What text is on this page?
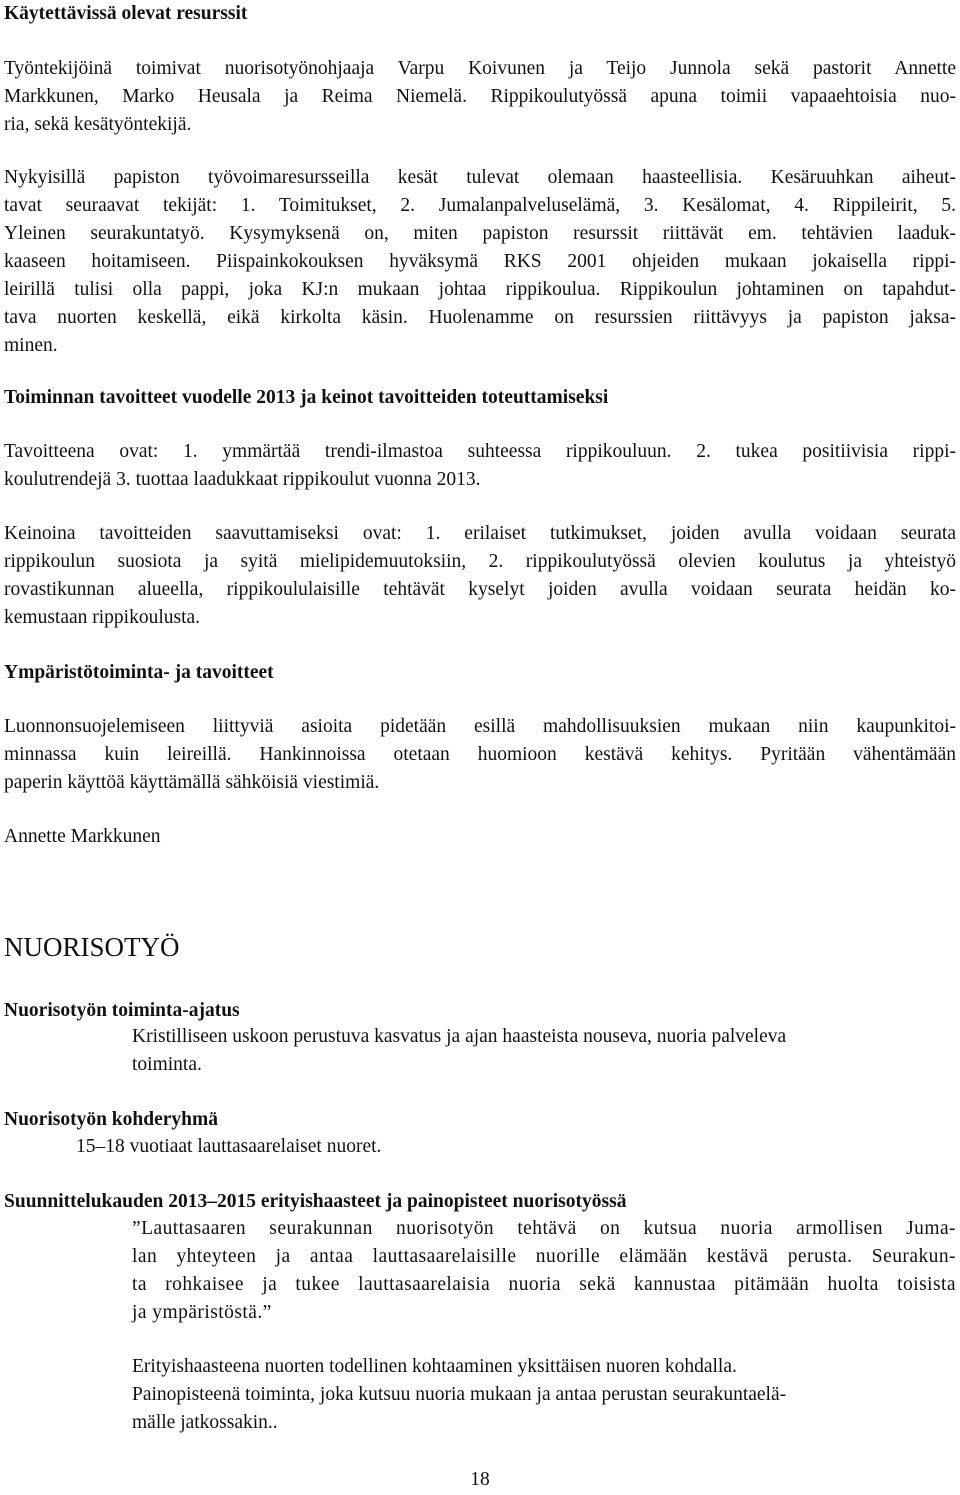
Käytettävissä olevat resurssit
Työntekijöinä toimivat nuorisotyönohjaaja Varpu Koivunen ja Teijo Junnola sekä pastorit Annette
Markkunen, Marko Heusala ja Reima Niemelä. Rippikoulutyössä apuna toimii vapaaehtoisia nuo-
ria, sekä kesätyöntekijä.
Nykyisillä papiston työvoimaresursseilla kesät tulevat olemaan haasteellisia. Kesäruuhkan aiheut-
tavat seuraavat tekijät: 1. Toimitukset, 2. Jumalanpalveluselämä, 3. Kesälomat, 4. Rippileirit, 5.
Yleinen seurakuntatyö. Kysymyksenä on, miten papiston resurssit riittävät em. tehtävien laaduk-
kaaseen hoitamiseen. Piispainkokouksen hyväksymä RKS 2001 ohjeiden mukaan jokaisella rippi-
leirillä tulisi olla pappi, joka KJ:n mukaan johtaa rippikoulua. Rippikoulun johtaminen on tapahdut-
tava nuorten keskellä, eikä kirkolta käsin. Huolenamme on resurssien riittävyys ja papiston jaksa-
minen.
Toiminnan tavoitteet vuodelle 2013 ja keinot tavoitteiden toteuttamiseksi
Tavoitteena ovat: 1. ymmärtää trendi-ilmastoa suhteessa rippikouluun. 2. tukea positiivisia rippi-
koulutrendejä 3. tuottaa laadukkaat rippikoulut vuonna 2013.
Keinoina tavoitteiden saavuttamiseksi ovat: 1. erilaiset tutkimukset, joiden avulla voidaan seurata
rippikoulun suosiota ja syitä mielipidemuutoksiin, 2. rippikoulutyössä olevien koulutus ja yhteistyö
rovastikunnan alueella, rippikoululaisille tehtävät kyselyt joiden avulla voidaan seurata heidän ko-
kemustaan rippikoulusta.
Ympäristötoiminta- ja tavoitteet
Luonnonsuojelemiseen liittyviä asioita pidetään esillä mahdollisuuksien mukaan niin kaupunkitoi-
minnassa kuin leireillä. Hankinnoissa otetaan huomioon kestävä kehitys. Pyritään vähentämään
paperin käyttöä käyttämällä sähköisiä viestimiä.
Annette Markkunen
NUORISOTYÖ
Nuorisotyön toiminta-ajatus
Kristilliseen uskoon perustuva kasvatus ja ajan haasteista nouseva, nuoria palveleva
toiminta.
Nuorisotyön kohderyhmä
15–18 vuotiaat lauttasaarelaiset nuoret.
Suunnittelukauden 2013–2015 erityishaasteet ja painopisteet nuorisotyössä
”Lauttasaaren seurakunnan nuorisotyön tehtävä on kutsua nuoria armollisen Juma-
lan yhteyteen ja antaa lauttasaarelaisille nuorille elämään kestävä perusta. Seurakun-
ta rohkaisee ja tukee lauttasaarelaisia nuoria sekä kannustaa pitämään huolta toisista
ja ympäristöstä.”
Erityishaasteena nuorten todellinen kohtaaminen yksittäisen nuoren kohdalla.
Painopisteenä toiminta, joka kutsuu nuoria mukaan ja antaa perustan seurakuntaelä-
mälle jatkossakin..
18
